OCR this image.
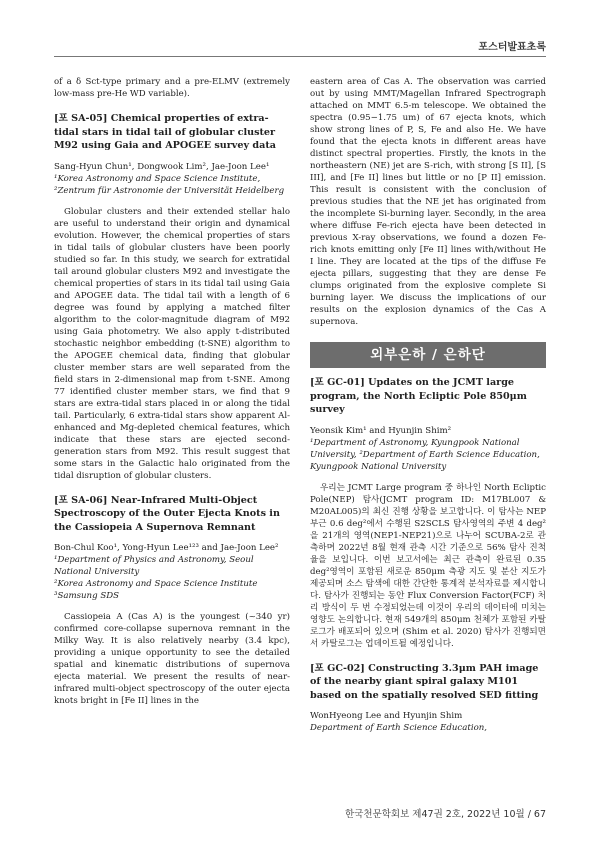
포스터발표초록

of a δ Sct-type primary and a pre-ELMV (extremely low-mass pre-He WD variable).

[포 SA-05] Chemical properties of extra-tidal stars in tidal tail of globular cluster M92 using Gaia and APOGEE survey data

Sang-Hyun Chun¹, Dongwook Lim², Jae-Joon Lee¹

¹Korea Astronomy and Space Science Institute,

²Zentrum für Astronomie der Universität Heidelberg

Globular clusters and their extended stellar halo are useful to understand their origin and dynamical evolution. However, the chemical properties of stars in tidal tails of globular clusters have been poorly studied so far. In this study, we search for extratidal tail around globular clusters M92 and investigate the chemical properties of stars in its tidal tail using Gaia and APOGEE data. The tidal tail with a length of 6 degree was found by applying a matched filter algorithm to the color-magnitude diagram of M92 using Gaia photometry. We also apply t-distributed stochastic neighbor embedding (t-SNE) algorithm to the APOGEE chemical data, finding that globular cluster member stars are well separated from the field stars in 2-dimensional map from t-SNE. Among 77 identified cluster member stars, we find that 9 stars are extra-tidal stars placed in or along the tidal tail. Particularly, 6 extra-tidal stars show apparent Al-enhanced and Mg-depleted chemical features, which indicate that these stars are ejected second-generation stars from M92. This result suggest that some stars in the Galactic halo originated from the tidal disruption of globular clusters.

[포 SA-06] Near-Infrared Multi-Object Spectroscopy of the Outer Ejecta Knots in the Cassiopeia A Supernova Remnant

Bon-Chul Koo¹, Yong-Hyun Lee¹²³ and Jae-Joon Lee²

¹Department of Physics and Astronomy, Seoul National University

²Korea Astronomy and Space Science Institute

³Samsung SDS

Cassiopeia A (Cas A) is the youngest (~340 yr) confirmed core-collapse supernova remnant in the Milky Way. It is also relatively nearby (3.4 kpc), providing a unique opportunity to see the detailed spatial and kinematic distributions of supernova ejecta material. We present the results of near-infrared multi-object spectroscopy of the outer ejecta knots bright in [Fe II] lines in the

eastern area of Cas A. The observation was carried out by using MMT/Magellan Infrared Spectrograph attached on MMT 6.5-m telescope. We obtained the spectra (0.95−1.75 um) of 67 ejecta knots, which show strong lines of P, S, Fe and also He. We have found that the ejecta knots in different areas have distinct spectral properties. Firstly, the knots in the northeastern (NE) jet are S-rich, with strong [S II], [S III], and [Fe II] lines but little or no [P II] emission. This result is consistent with the conclusion of previous studies that the NE jet has originated from the incomplete Si-burning layer. Secondly, in the area where diffuse Fe-rich ejecta have been detected in previous X-ray observations, we found a dozen Fe-rich knots emitting only [Fe II] lines with/without He I line. They are located at the tips of the diffuse Fe ejecta pillars, suggesting that they are dense Fe clumps originated from the explosive complete Si burning layer. We discuss the implications of our results on the explosion dynamics of the Cas A supernova.

외부은하 / 은하단
[포 GC-01] Updates on the JCMT large program, the North Ecliptic Pole 850μm survey

Yeonsik Kim¹ and Hyunjin Shim²

¹Department of Astronomy, Kyungpook National University, ²Department of Earth Science Education, Kyungpook National University

우리는 JCMT Large program 중 하나인 North Ecliptic Pole(NEP) 탐사(JCMT program ID: M17BL007 & M20AL005)의 최신 진행 상황을 보고합니다. 이 탐사는 NEP 부근 0.6 deg²에서 수행된 S2SCLS 탐사영역의 주변 4 deg²을 21개의 영역(NEP1-NEP21)으로 나누어 SCUBA-2로 관측하며 2022년 8월 현재 관측 시간 기준으로 56% 탐사 진척율을 보입니다. 이번 보고서에는 최근 관측이 완료된 0.35 deg²영역이 포함된 새로운 850μm 측광 지도 및 분산 지도가 제공되며 소스 탐색에 대한 간단한 통계적 분석자료를 제시합니다. 탐사가 진행되는 동안 Flux Conversion Factor(FCF) 처리 방식이 두 번 수정되었는데 이것이 우리의 데이터에 미치는 영향도 논의합니다. 현재 549개의 850μm 천체가 포함된 카탈로그가 배포되어 있으며 (Shim et al. 2020) 탐사가 진행되면서 카탈로그는 업데이트될 예정입니다.

[포 GC-02] Constructing 3.3μm PAH image of the nearby giant spiral galaxy M101 based on the spatially resolved SED fitting

WonHyeong Lee and Hyunjin Shim

Department of Earth Science Education,

한국천문학회보 제47권 2호, 2022년 10월 / 67
